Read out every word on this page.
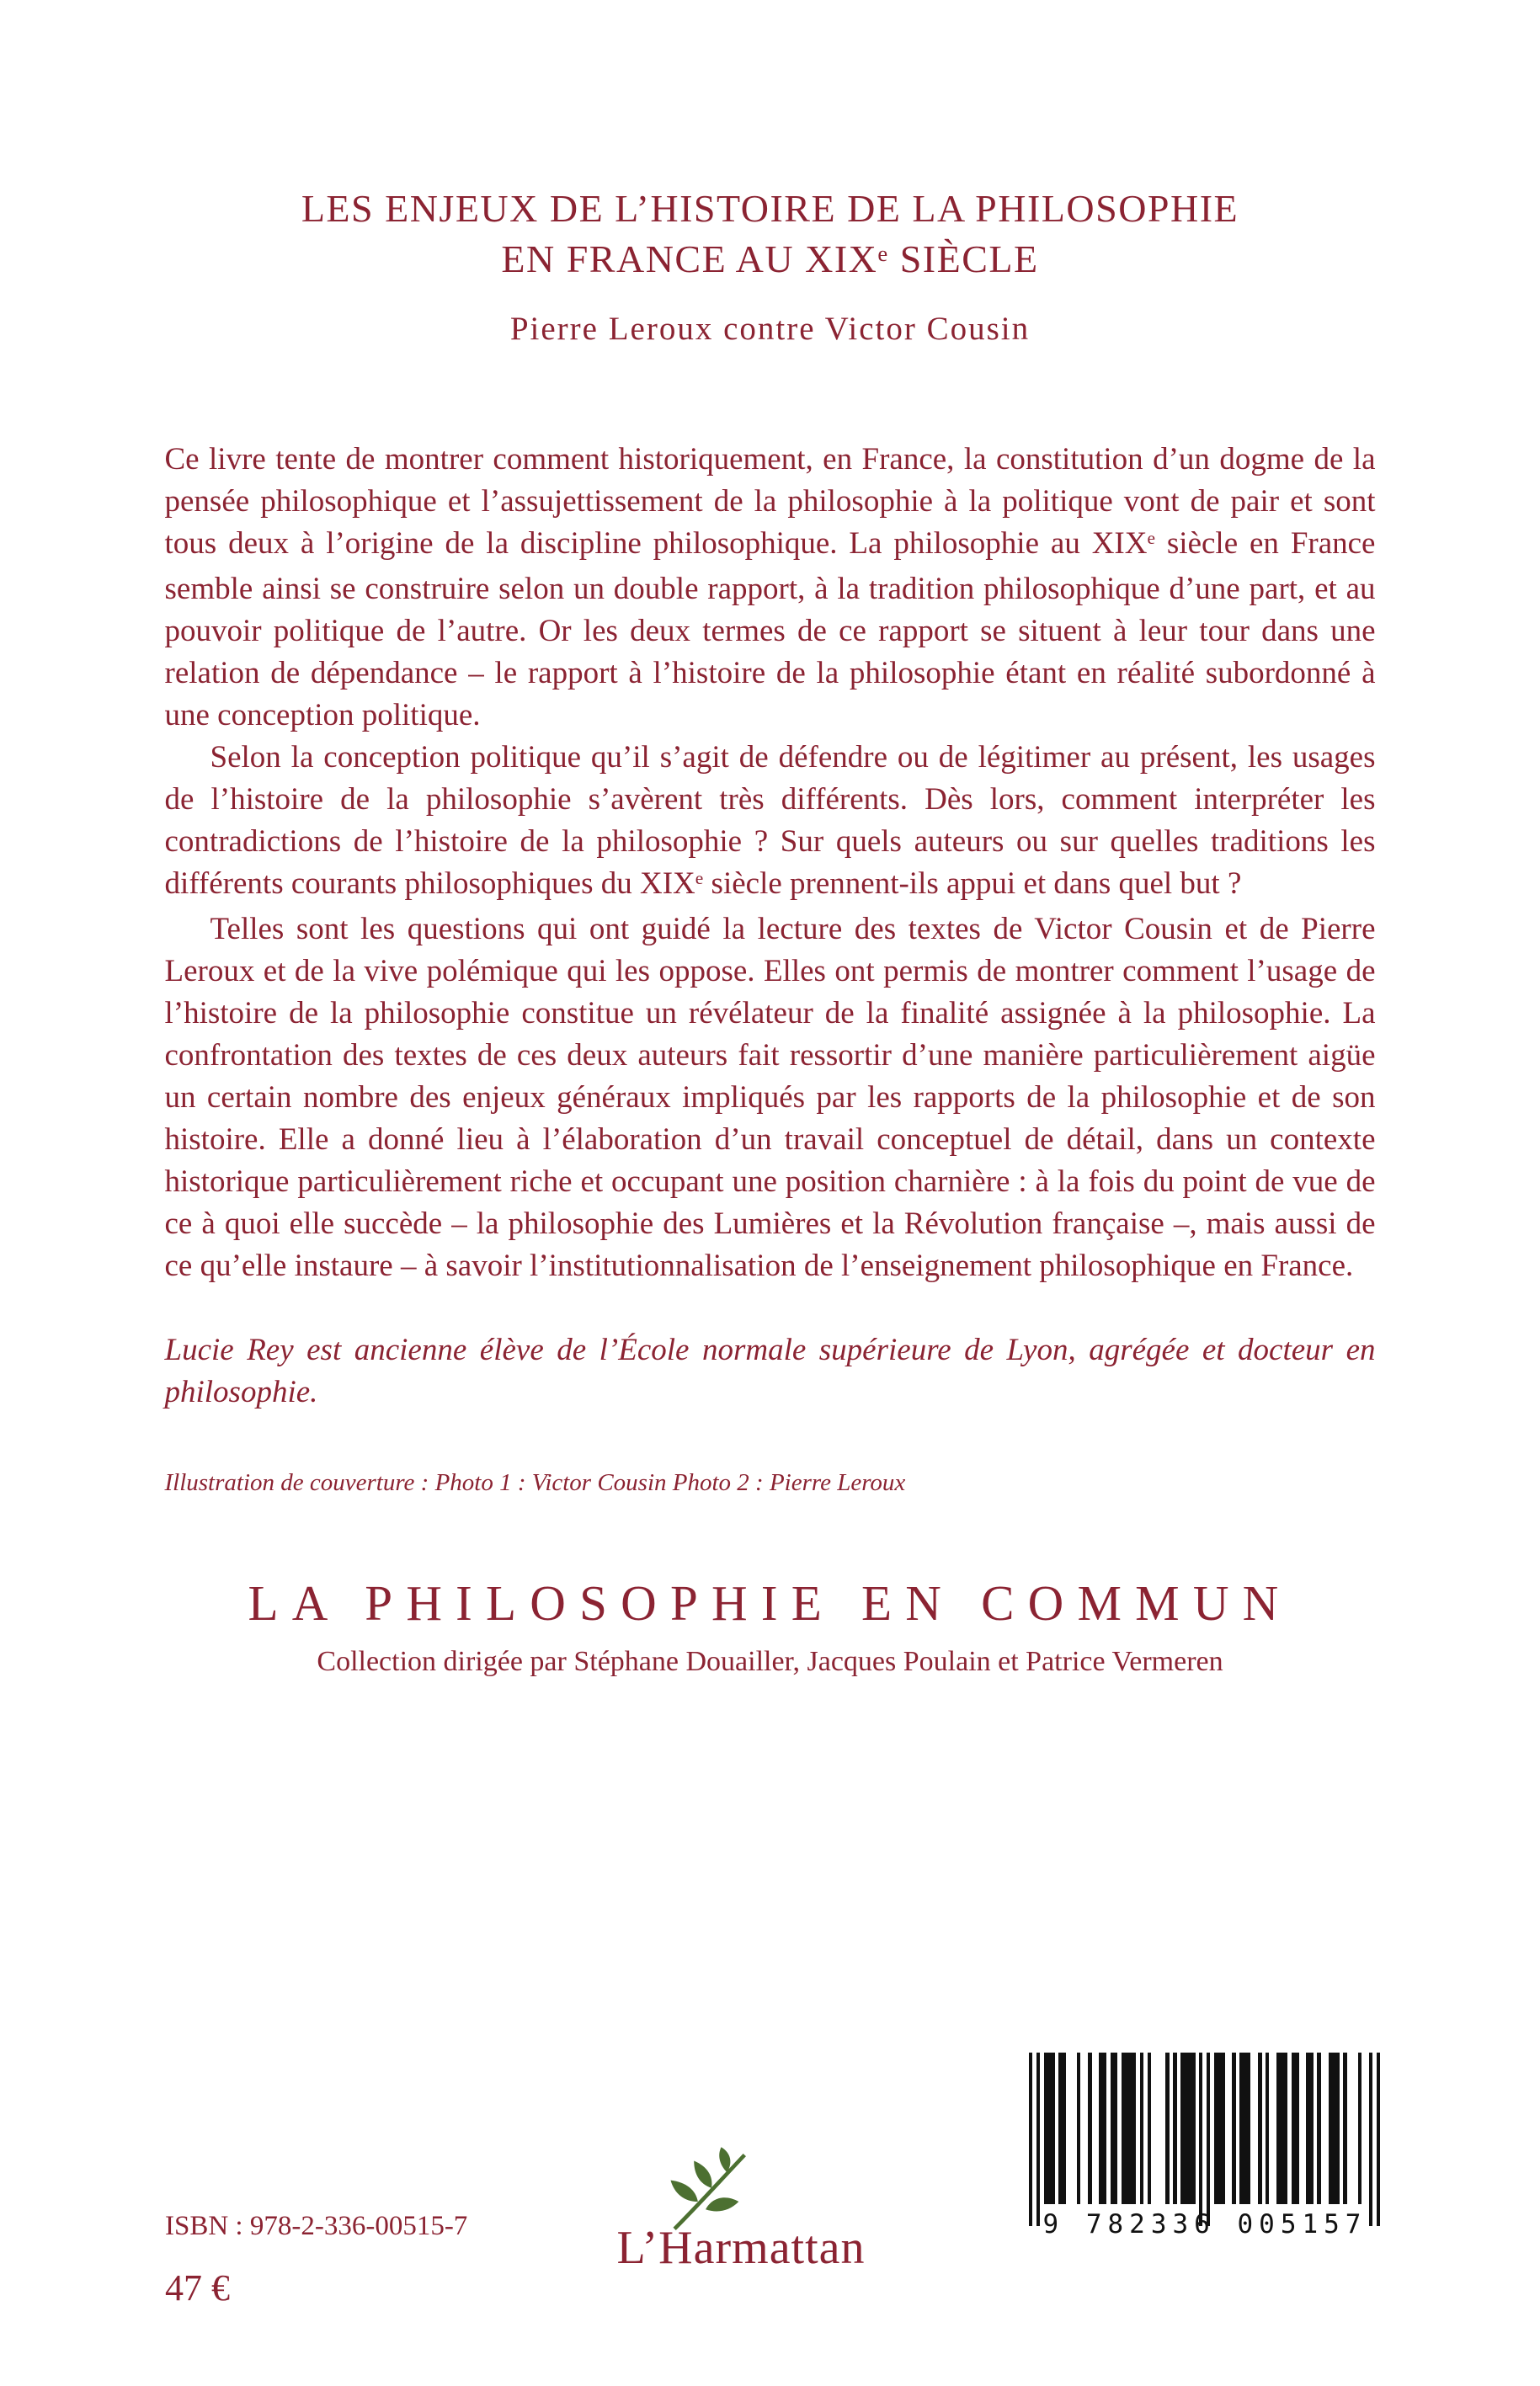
LES ENJEUX DE L’HISTOIRE DE LA PHILOSOPHIE
EN FRANCE AU XIXe SIÈCLE
Pierre Leroux contre Victor Cousin

Ce livre tente de montrer comment historiquement, en France, la constitution d’un dogme de la pensée philosophique et l’assujettissement de la philosophie à la politique vont de pair et sont tous deux à l’origine de la discipline philosophique. La philosophie au XIXe siècle en France semble ainsi se construire selon un double rapport, à la tradition philosophique d’une part, et au pouvoir politique de l’autre. Or les deux termes de ce rapport se situent à leur tour dans une relation de dépendance – le rapport à l’histoire de la philosophie étant en réalité subordonné à une conception politique.

Selon la conception politique qu’il s’agit de défendre ou de légitimer au présent, les usages de l’histoire de la philosophie s’avèrent très différents. Dès lors, comment interpréter les contradictions de l’histoire de la philosophie ? Sur quels auteurs ou sur quelles traditions les différents courants philosophiques du XIXe siècle prennent-ils appui et dans quel but ?

Telles sont les questions qui ont guidé la lecture des textes de Victor Cousin et de Pierre Leroux et de la vive polémique qui les oppose. Elles ont permis de montrer comment l’usage de l’histoire de la philosophie constitue un révélateur de la finalité assignée à la philosophie. La confrontation des textes de ces deux auteurs fait ressortir d’une manière particulièrement aigüe un certain nombre des enjeux généraux impliqués par les rapports de la philosophie et de son histoire. Elle a donné lieu à l’élaboration d’un travail conceptuel de détail, dans un contexte historique particulièrement riche et occupant une position charnière : à la fois du point de vue de ce à quoi elle succède – la philosophie des Lumières et la Révolution française –, mais aussi de ce qu’elle instaure – à savoir l’institutionnalisation de l’enseignement philosophique en France.

Lucie Rey est ancienne élève de l’École normale supérieure de Lyon, agrégée et docteur en philosophie.
Illustration de couverture : Photo 1 : Victor Cousin Photo 2 : Pierre Leroux
LA PHILOSOPHIE EN COMMUN
Collection dirigée par Stéphane Douailler, Jacques Poulain et Patrice Vermeren
ISBN : 978-2-336-00515-7
47 €
L’Harmattan	9 782336 005157
